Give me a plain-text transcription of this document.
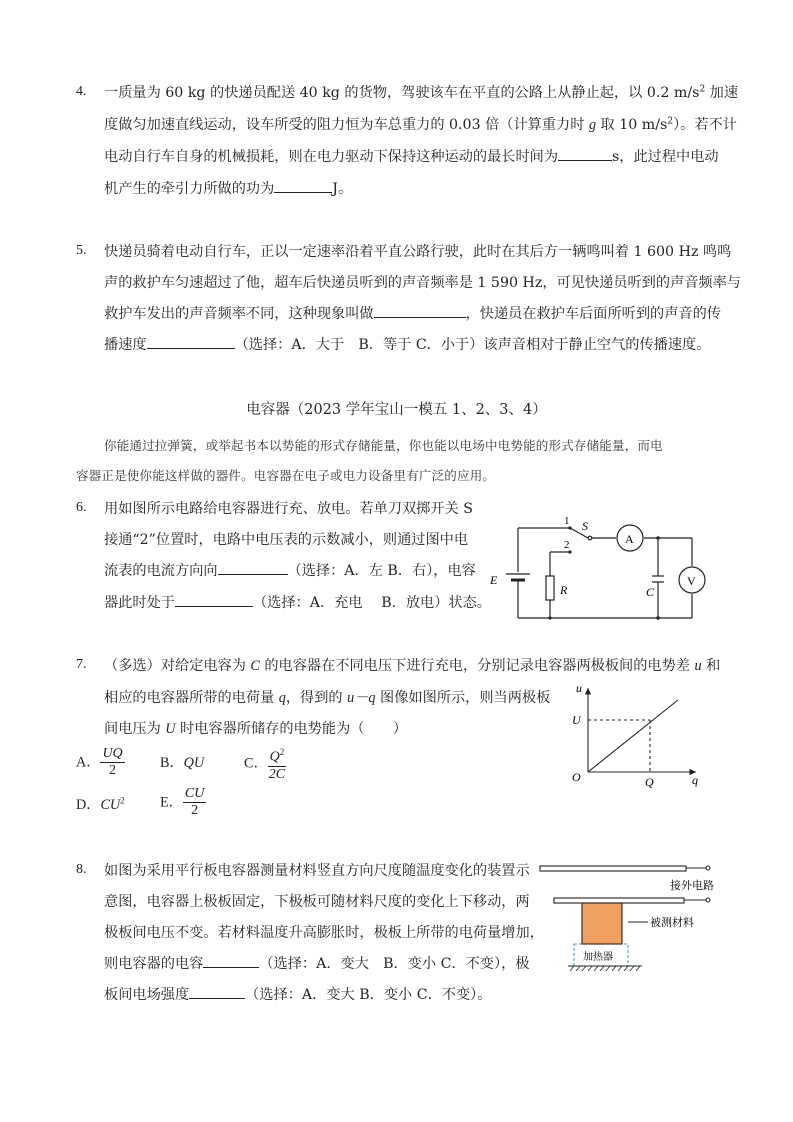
4. 一质量为 60 kg 的快递员配送 40 kg 的货物，驾驶该车在平直的公路上从静止起，以 0.2 $m/s^2$ 加速
度做匀加速直线运动，设车所受的阻力恒为车总重力的 0.03 倍（计算重力时 g 取 10 $m/s^2$）。若不计
电动自行车自身的机械损耗，则在电力驱动下保持这种运动的最长时间为	s，此过程中电动
机产生的牵引力所做的功为	J。
5. 快递员骑着电动自行车，正以一定速率沿着平直公路行驶，此时在其后方一辆鸣叫着 1 600 Hz 鸣鸣
声的救护车匀速超过了他，超车后快递员听到的声音频率是 1 590 Hz，可见快递员听到的声音频率与
救护车发出的声音频率不同，这种现象叫做	，快递员在救护车后面所听到的声音的传
播速度	（选择：A．大于　B．等于 C．小于）该声音相对于静止空气的传播速度。
电容器（2023 学年宝山一模五 1、2、3、4）
你能通过拉弹簧，或举起书本以势能的形式存储能量，你也能以电场中电势能的形式存储能量，而电
容器正是使你能这样做的器件。电容器在电子或电力设备里有广泛的应用。
6. 用如图所示电路给电容器进行充、放电。若单刀双掷开关 S
接通“2”位置时，电路中电压表的示数减小，则通过图中电
流表的电流方向向	（选择：A．左 B．右），电容
器此时处于	（选择：A．充电　 B．放电）状态。
1
2
S
A
V
E
R	C
7. （多选）对给定电容为 C 的电容器在不同电压下进行充电，分别记录电容器两极板间的电势差 u 和
相应的电容器所带的电荷量 q，得到的 u－q 图像如图所示，则当两极板
间电压为 U 时电容器所储存的电势能为（　　）
A． $\frac{UQ}{2}$ B．QU	C． $\frac{Q^2}{2C}$
D．$CU^2$ E． $\frac{CU}{2}$
u
q
O
U
Q
8. 如图为采用平行板电容器测量材料竖直方向尺度随温度变化的装置示
意图，电容器上极板固定，下极板可随材料尺度的变化上下移动，两
极板间电压不变。若材料温度升高膨胀时，极板上所带的电荷量增加，
则电容器的电容	（选择：A．变大　B．变小 C．不变），极
板间电场强度	（选择：A．变大 B．变小 C．不变）。
接外电路
被测材料
加热器
